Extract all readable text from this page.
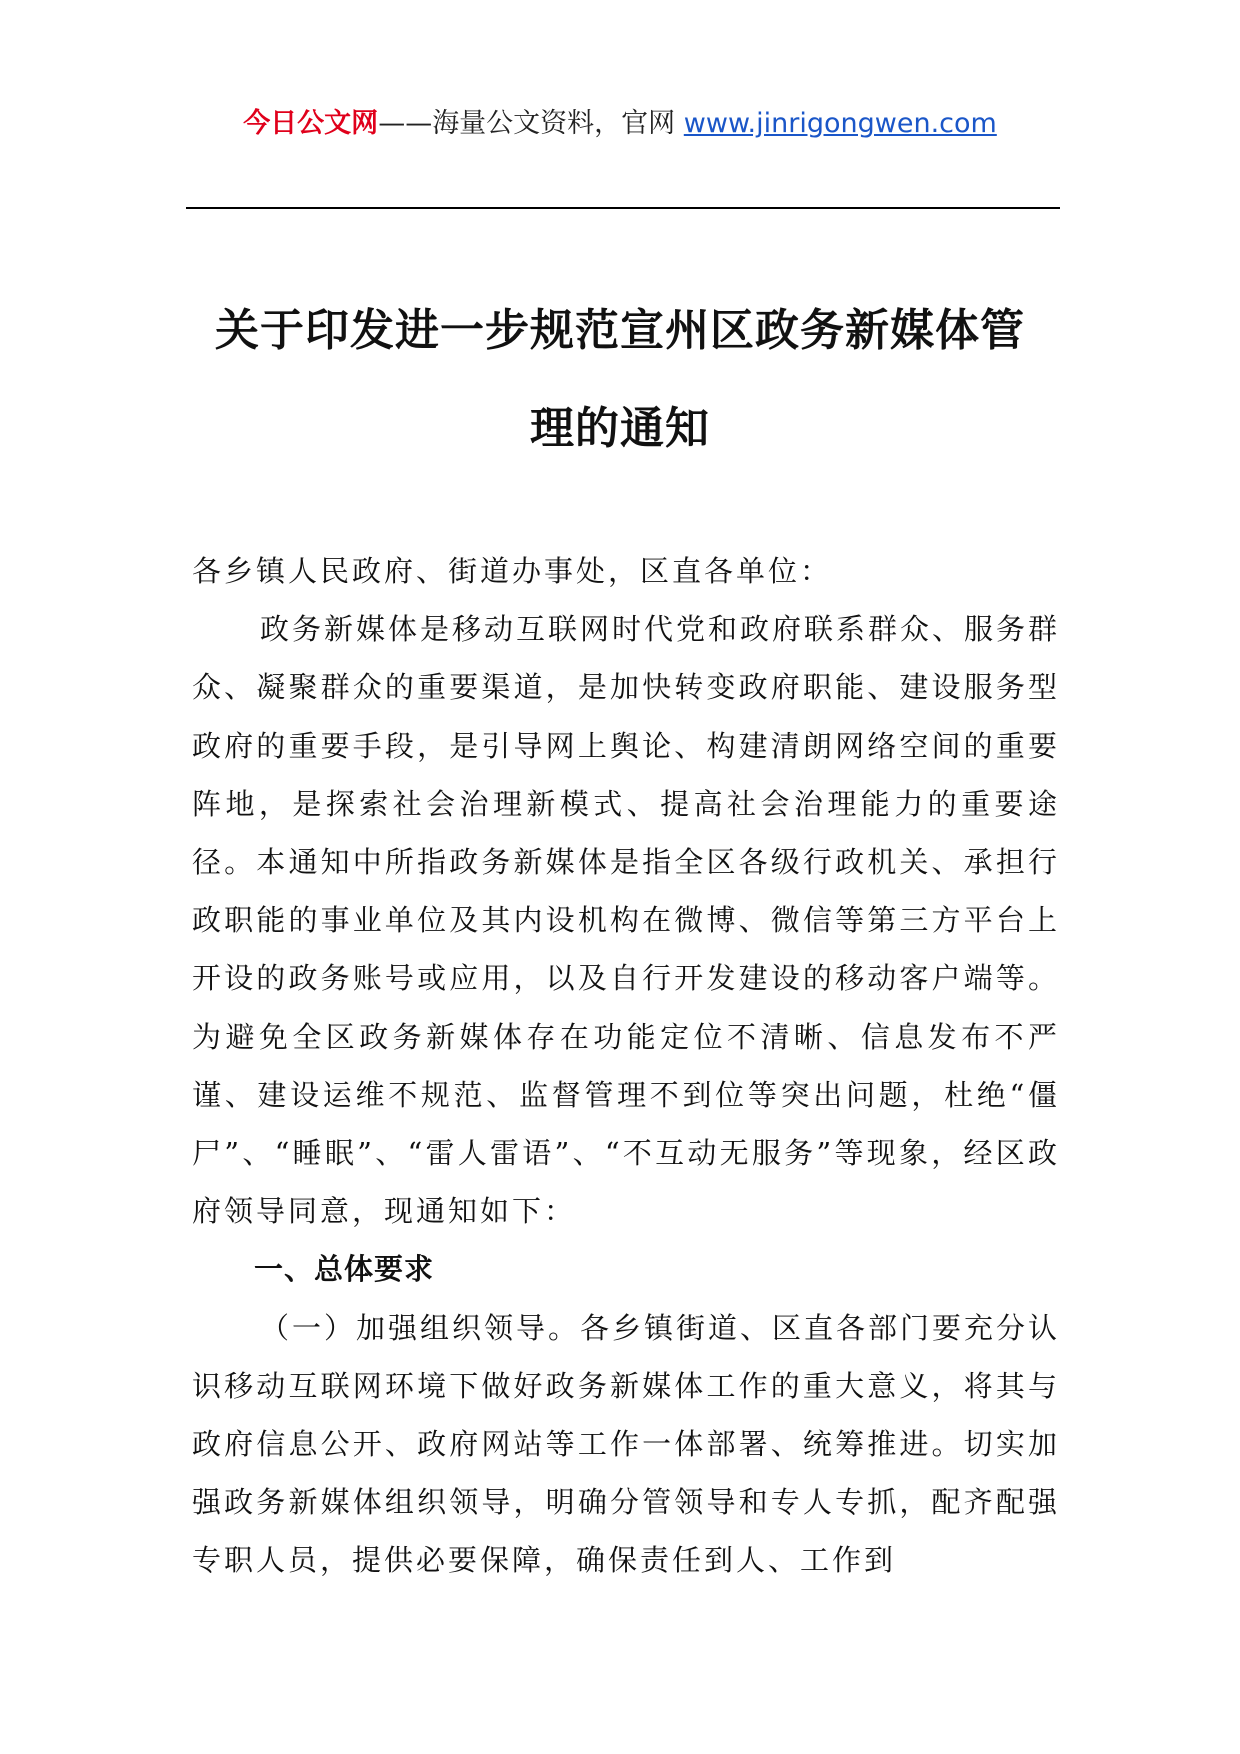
今日公文网——海量公文资料，官网 www.jinrigongwen.com
关于印发进一步规范宣州区政务新媒体管
理的通知

各乡镇人民政府、街道办事处，区直各单位：

政务新媒体是移动互联网时代党和政府联系群众、服务群众、凝聚群众的重要渠道，是加快转变政府职能、建设服务型政府的重要手段，是引导网上舆论、构建清朗网络空间的重要阵地，是探索社会治理新模式、提高社会治理能力的重要途径。本通知中所指政务新媒体是指全区各级行政机关、承担行政职能的事业单位及其内设机构在微博、微信等第三方平台上开设的政务账号或应用，以及自行开发建设的移动客户端等。为避免全区政务新媒体存在功能定位不清晰、信息发布不严谨、建设运维不规范、监督管理不到位等突出问题，杜绝“僵尸”、“睡眠”、“雷人雷语”、“不互动无服务”等现象，经区政府领导同意，现通知如下：

一、总体要求

（一）加强组织领导。各乡镇街道、区直各部门要充分认识移动互联网环境下做好政务新媒体工作的重大意义，将其与政府信息公开、政府网站等工作一体部署、统筹推进。切实加强政务新媒体组织领导，明确分管领导和专人专抓，配齐配强专职人员，提供必要保障，确保责任到人、工作到
